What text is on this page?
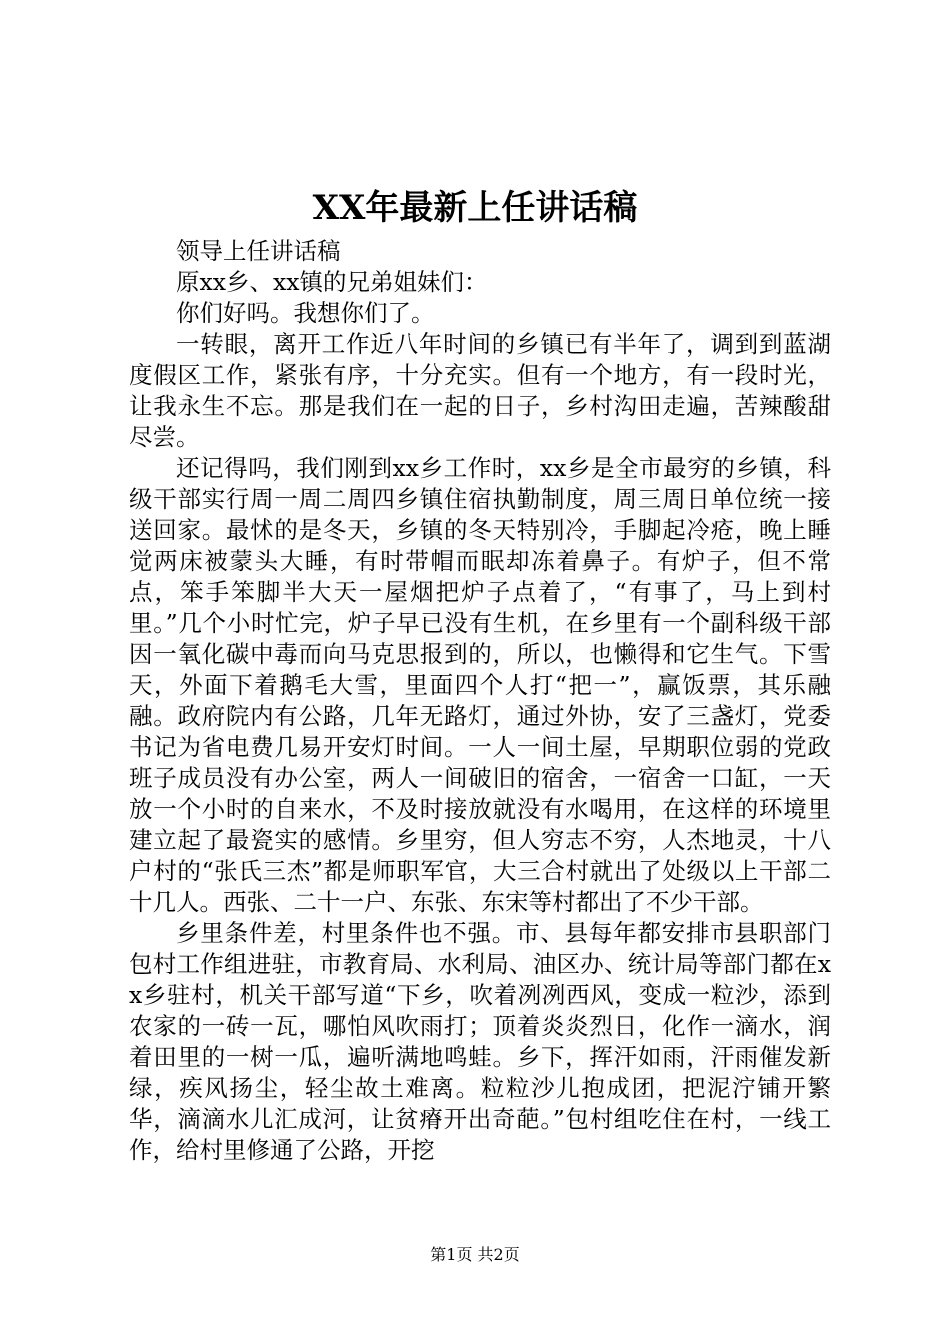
XX年最新上任讲话稿

领导上任讲话稿

原xx乡、xx镇的兄弟姐妹们：

你们好吗。我想你们了。

一转眼，离开工作近八年时间的乡镇已有半年了，调到到蓝湖度假区工作，紧张有序，十分充实。但有一个地方，有一段时光，让我永生不忘。那是我们在一起的日子，乡村沟田走遍，苦辣酸甜尽尝。

还记得吗，我们刚到xx乡工作时，xx乡是全市最穷的乡镇，科级干部实行周一周二周四乡镇住宿执勤制度，周三周日单位统一接送回家。最怵的是冬天，乡镇的冬天特别冷，手脚起冷疮，晚上睡觉两床被蒙头大睡，有时带帽而眠却冻着鼻子。有炉子，但不常点，笨手笨脚半大天一屋烟把炉子点着了，“有事了，马上到村里。”几个小时忙完，炉子早已没有生机，在乡里有一个副科级干部因一氧化碳中毒而向马克思报到的，所以，也懒得和它生气。下雪天，外面下着鹅毛大雪，里面四个人打“把一”，赢饭票，其乐融融。政府院内有公路，几年无路灯，通过外协，安了三盏灯，党委书记为省电费几易开安灯时间。一人一间土屋，早期职位弱的党政班子成员没有办公室，两人一间破旧的宿舍，一宿舍一口缸，一天放一个小时的自来水，不及时接放就没有水喝用，在这样的环境里建立起了最瓷实的感情。乡里穷，但人穷志不穷，人杰地灵，十八户村的“张氏三杰”都是师职军官，大三合村就出了处级以上干部二十几人。西张、二十一户、东张、东宋等村都出了不少干部。

乡里条件差，村里条件也不强。市、县每年都安排市县职部门包村工作组进驻，市教育局、水利局、油区办、统计局等部门都在xx乡驻村，机关干部写道“下乡，吹着冽冽西风，变成一粒沙，添到农家的一砖一瓦，哪怕风吹雨打；顶着炎炎烈日，化作一滴水，润着田里的一树一瓜，遍听满地鸣蛙。乡下，挥汗如雨，汗雨催发新绿，疾风扬尘，轻尘故土难离。粒粒沙儿抱成团，把泥泞铺开繁华，滴滴水儿汇成河，让贫瘠开出奇葩。”包村组吃住在村，一线工作，给村里修通了公路，开挖

第1页 共2页
